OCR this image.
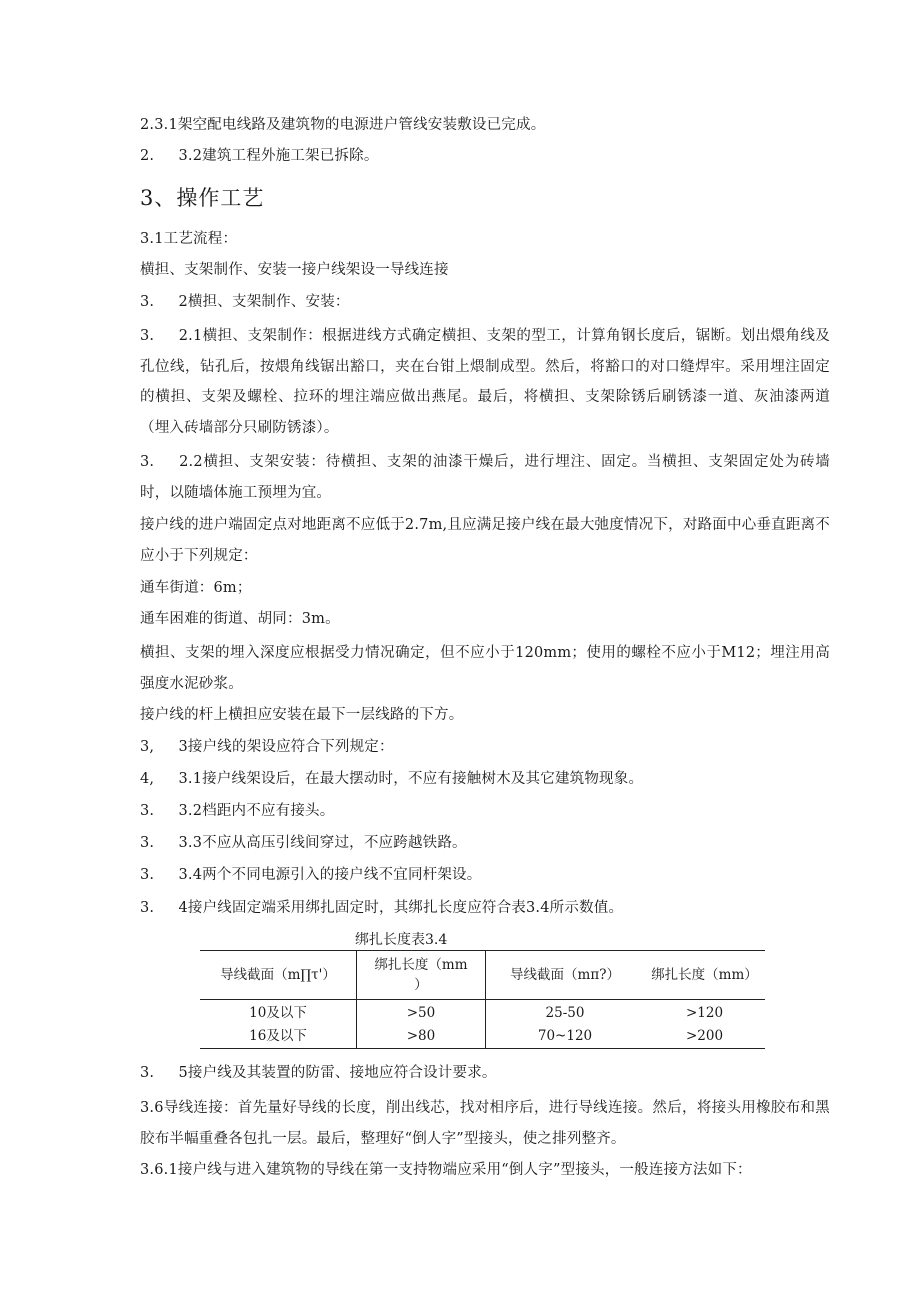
2.3.1架空配电线路及建筑物的电源进户管线安装敷设已完成。

2.	3.2建筑工程外施工架已拆除。

3、操作工艺

3.1工艺流程：

横担、支架制作、安装一接户线架设一导线连接

3.	2横担、支架制作、安装：

3.	2.1横担、支架制作：根据进线方式确定横担、支架的型工，计算角钢长度后，锯断。划出煨角线及孔位线，钻孔后，按煨角线锯出豁口，夹在台钳上煨制成型。然后，将豁口的对口缝焊牢。采用埋注固定的横担、支架及螺栓、拉环的埋注端应做出燕尾。最后，将横担、支架除锈后刷锈漆一道、灰油漆两道（埋入砖墙部分只刷防锈漆）。

3.	2.2横担、支架安装：待横担、支架的油漆干燥后，进行埋注、固定。当横担、支架固定处为砖墙时，以随墙体施工预埋为宜。

接户线的进户端固定点对地距离不应低于2.7m,且应满足接户线在最大弛度情况下，对路面中心垂直距离不应小于下列规定：

通车街道：6m；

通车困难的街道、胡同：3m。

横担、支架的埋入深度应根据受力情况确定，但不应小于120mm；使用的螺栓不应小于M12；埋注用高强度水泥砂浆。

接户线的杆上横担应安装在最下一层线路的下方。

3,	3接户线的架设应符合下列规定：

4,	3.1接户线架设后，在最大摆动时，不应有接触树木及其它建筑物现象。

3.	3.2档距内不应有接头。

3.	3.3不应从高压引线间穿过，不应跨越铁路。

3.	3.4两个不同电源引入的接户线不宜同杆架设。

3.	4接户线固定端采用绑扎固定时，其绑扎长度应符合表3.4所示数值。

绑扎长度表3.4
导线截面（m∏τ'）	绑扎长度（mm
）	导线截面（mπ?）	绑扎长度（mm）
10及以下	>50	25-50	>120
16及以下	>80	70~120	>200

3.	5接户线及其装置的防雷、接地应符合设计要求。

3.6导线连接：首先量好导线的长度，削出线芯，找对相序后，进行导线连接。然后，将接头用橡胶布和黑胶布半幅重叠各包扎一层。最后，整理好“倒人字”型接头，使之排列整齐。

3.6.1接户线与进入建筑物的导线在第一支持物端应采用“倒人字”型接头，一般连接方法如下：
